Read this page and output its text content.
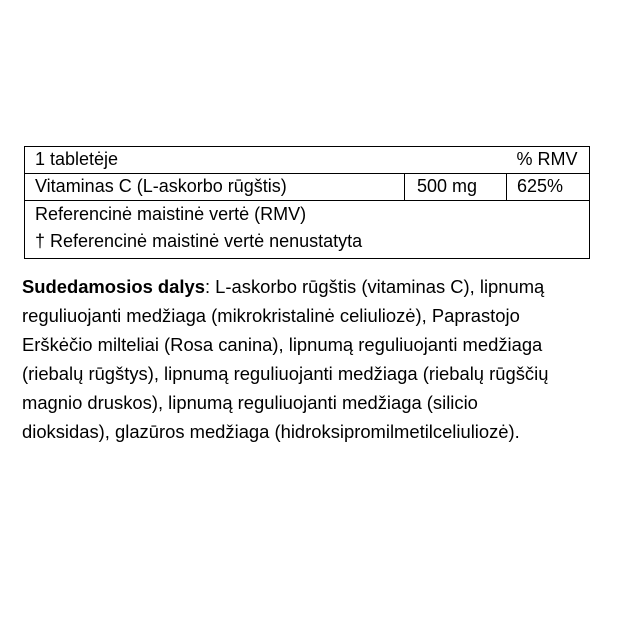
1 tabletėje		% RMV
Vitaminas C (L-askorbo rūgštis)	500 mg	625%

Referencinė maistinė vertė (RMV)
† Referencinė maistinė vertė nenustatyta		
Sudedamosios dalys: L-askorbo rūgštis (vitaminas C), lipnumą
reguliuojanti medžiaga (mikrokristalinė celiuliozė), Paprastojo
Erškėčio milteliai (Rosa canina), lipnumą reguliuojanti medžiaga
(riebalų rūgštys), lipnumą reguliuojanti medžiaga (riebalų rūgščių
magnio druskos), lipnumą reguliuojanti medžiaga (silicio
dioksidas), glazūros medžiaga (hidroksipromilmetilceliuliozė).
